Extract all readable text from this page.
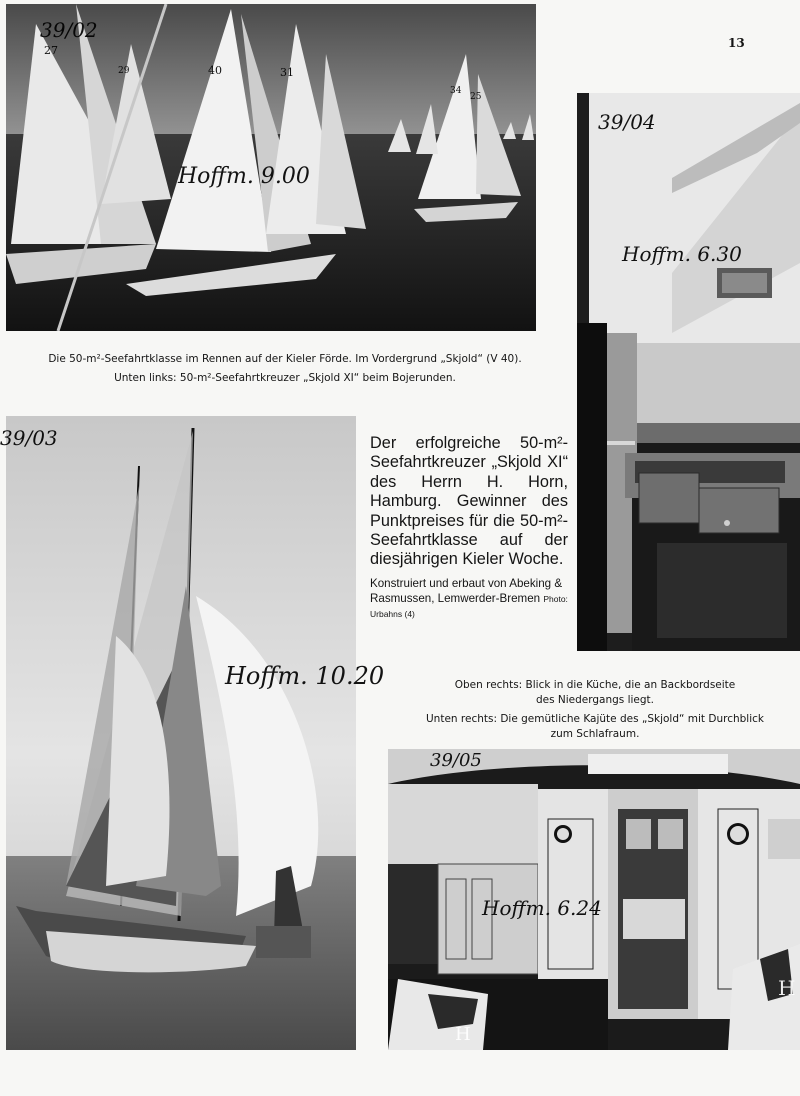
13
39/02
Hoffm. 9.00
27
29	40	31
34
25
Die 50-m²-Seefahrtklasse im Rennen auf der Kieler Förde. Im Vordergrund „Skjold“ (V 40).
Unten links: 50-m²-Seefahrtkreuzer „Skjold XI“ beim Bojerunden.
39/04
Hoffm. 6.30
39/03
Hoffm. 10.20

Der erfolgreiche 50-m²-Seefahrtkreuzer „Skjold XI“ des Herrn H. Horn, Hamburg. Gewinner des Punktpreises für die 50-m²-Seefahrtklasse auf der diesjährigen Kieler Woche.

Konstruiert und erbaut von Abeking & Rasmussen, Lemwerder-Bremen Photo: Urbahns (4)
Oben rechts: Blick in die Küche, die an Backbordseite
des Niedergangs liegt.
Unten rechts: Die gemütliche Kajüte des „Skjold“ mit Durchblick
zum Schlafraum.
39/05
Hoffm. 6.24
H
H
